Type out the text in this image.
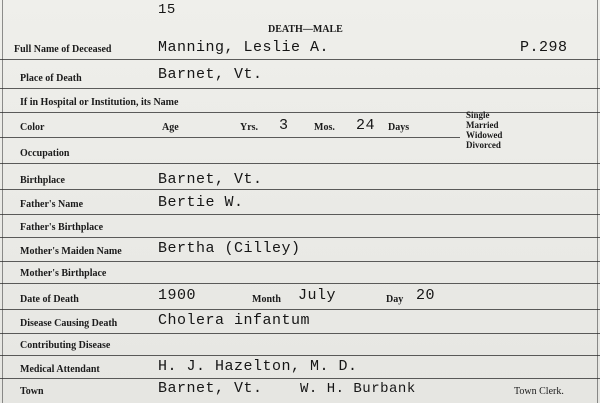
15
DEATH—MALE
Full Name of Deceased	Manning, Leslie A.	P.298
Place of Death	Barnet, Vt.
If in Hospital or Institution, its Name
Color	Age	Yrs. 3	Mos. 24 Days
Single
Married
Widowed
Divorced
Occupation
Birthplace	Barnet, Vt.
Father's Name	Bertie W.
Father's Birthplace
Mother's Maiden Name Bertha (Cilley)
Mother's Birthplace
Date of Death	1900	Month July	Day 20
Disease Causing Death	Cholera infantum
Contributing Disease
Medical Attendant	H. J. Hazelton, M. D.
Town	Barnet, Vt.	W. H. Burbank	Town Clerk.
